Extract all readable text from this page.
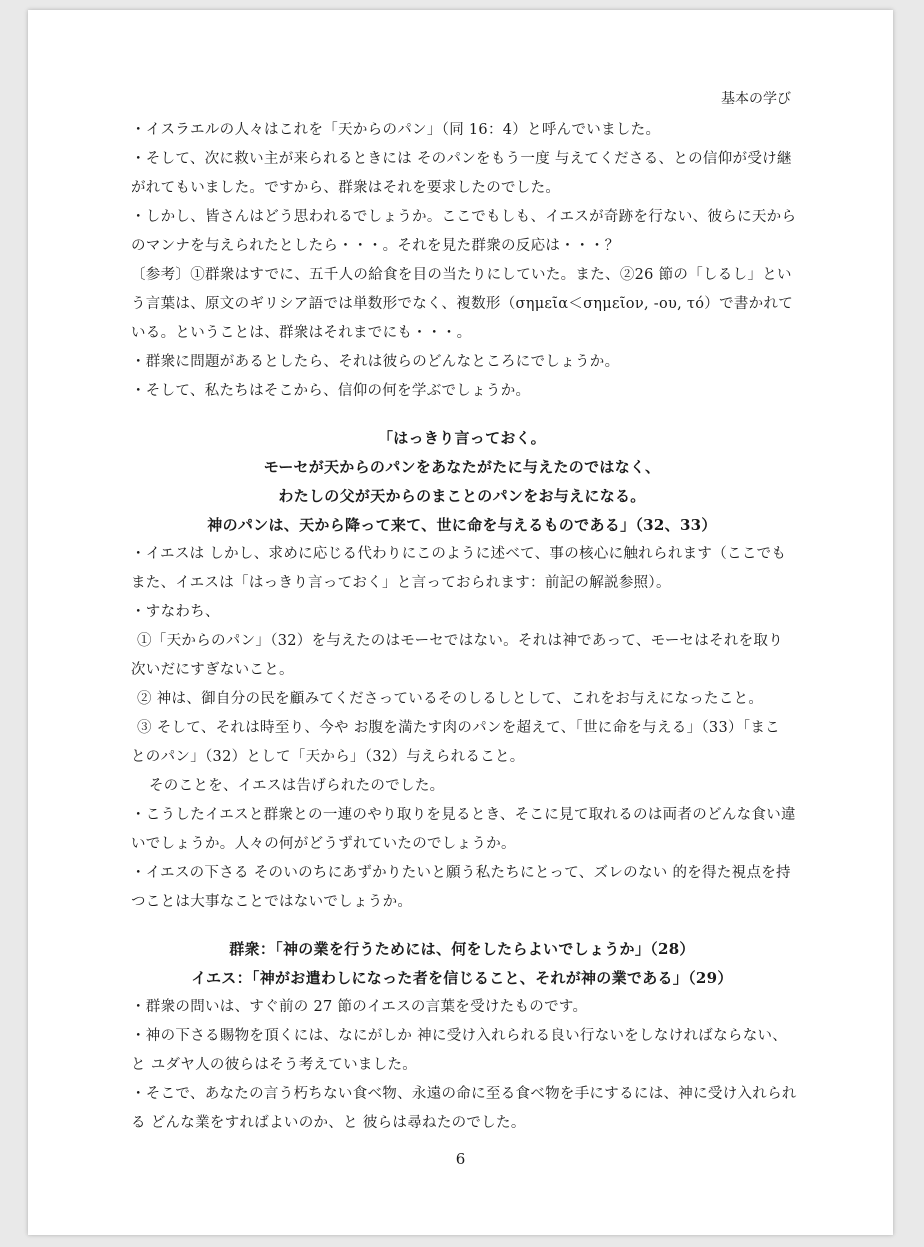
基本の学び

・イスラエルの人々はこれを「天からのパン」（同 16：4）と呼んでいました。

・そして、次に救い主が来られるときには そのパンをもう一度 与えてくださる、との信仰が受け継

がれてもいました。ですから、群衆はそれを要求したのでした。

・しかし、皆さんはどう思われるでしょうか。ここでもしも、イエスが奇跡を行ない、彼らに天から

のマンナを与えられたとしたら・・・。それを見た群衆の反応は・・・？

〔参考〕①群衆はすでに、五千人の給食を目の当たりにしていた。また、②26 節の「しるし」とい

う言葉は、原文のギリシア語では単数形でなく、複数形（σημεῖα＜σημεῖον, -ου, τό）で書かれて

いる。ということは、群衆はそれまでにも・・・。

・群衆に問題があるとしたら、それは彼らのどんなところにでしょうか。

・そして、私たちはそこから、信仰の何を学ぶでしょうか。

「はっきり言っておく。

モーセが天からのパンをあなたがたに与えたのではなく、

わたしの父が天からのまことのパンをお与えになる。

神のパンは、天から降って来て、世に命を与えるものである」（32、33）

・イエスは しかし、求めに応じる代わりにこのように述べて、事の核心に触れられます（ここでも

また、イエスは「はっきり言っておく」と言っておられます：前記の解説参照）。

・すなわち、

①「天からのパン」（32）を与えたのはモーセではない。それは神であって、モーセはそれを取り

次いだにすぎないこと。

② 神は、御自分の民を顧みてくださっているそのしるしとして、これをお与えになったこと。

③ そして、それは時至り、今や お腹を満たす肉のパンを超えて、「世に命を与える」（33）「まこ

とのパン」（32）として「天から」（32）与えられること。

そのことを、イエスは告げられたのでした。

・こうしたイエスと群衆との一連のやり取りを見るとき、そこに見て取れるのは両者のどんな食い違

いでしょうか。人々の何がどうずれていたのでしょうか。

・イエスの下さる そのいのちにあずかりたいと願う私たちにとって、ズレのない 的を得た視点を持

つことは大事なことではないでしょうか。

群衆：「神の業を行うためには、何をしたらよいでしょうか」（28）

イエス：「神がお遣わしになった者を信じること、それが神の業である」（29）

・群衆の問いは、すぐ前の 27 節のイエスの言葉を受けたものです。

・神の下さる賜物を頂くには、なにがしか 神に受け入れられる良い行ないをしなければならない、

と ユダヤ人の彼らはそう考えていました。

・そこで、あなたの言う朽ちない食べ物、永遠の命に至る食べ物を手にするには、神に受け入れられ

る どんな業をすればよいのか、と 彼らは尋ねたのでした。

6
